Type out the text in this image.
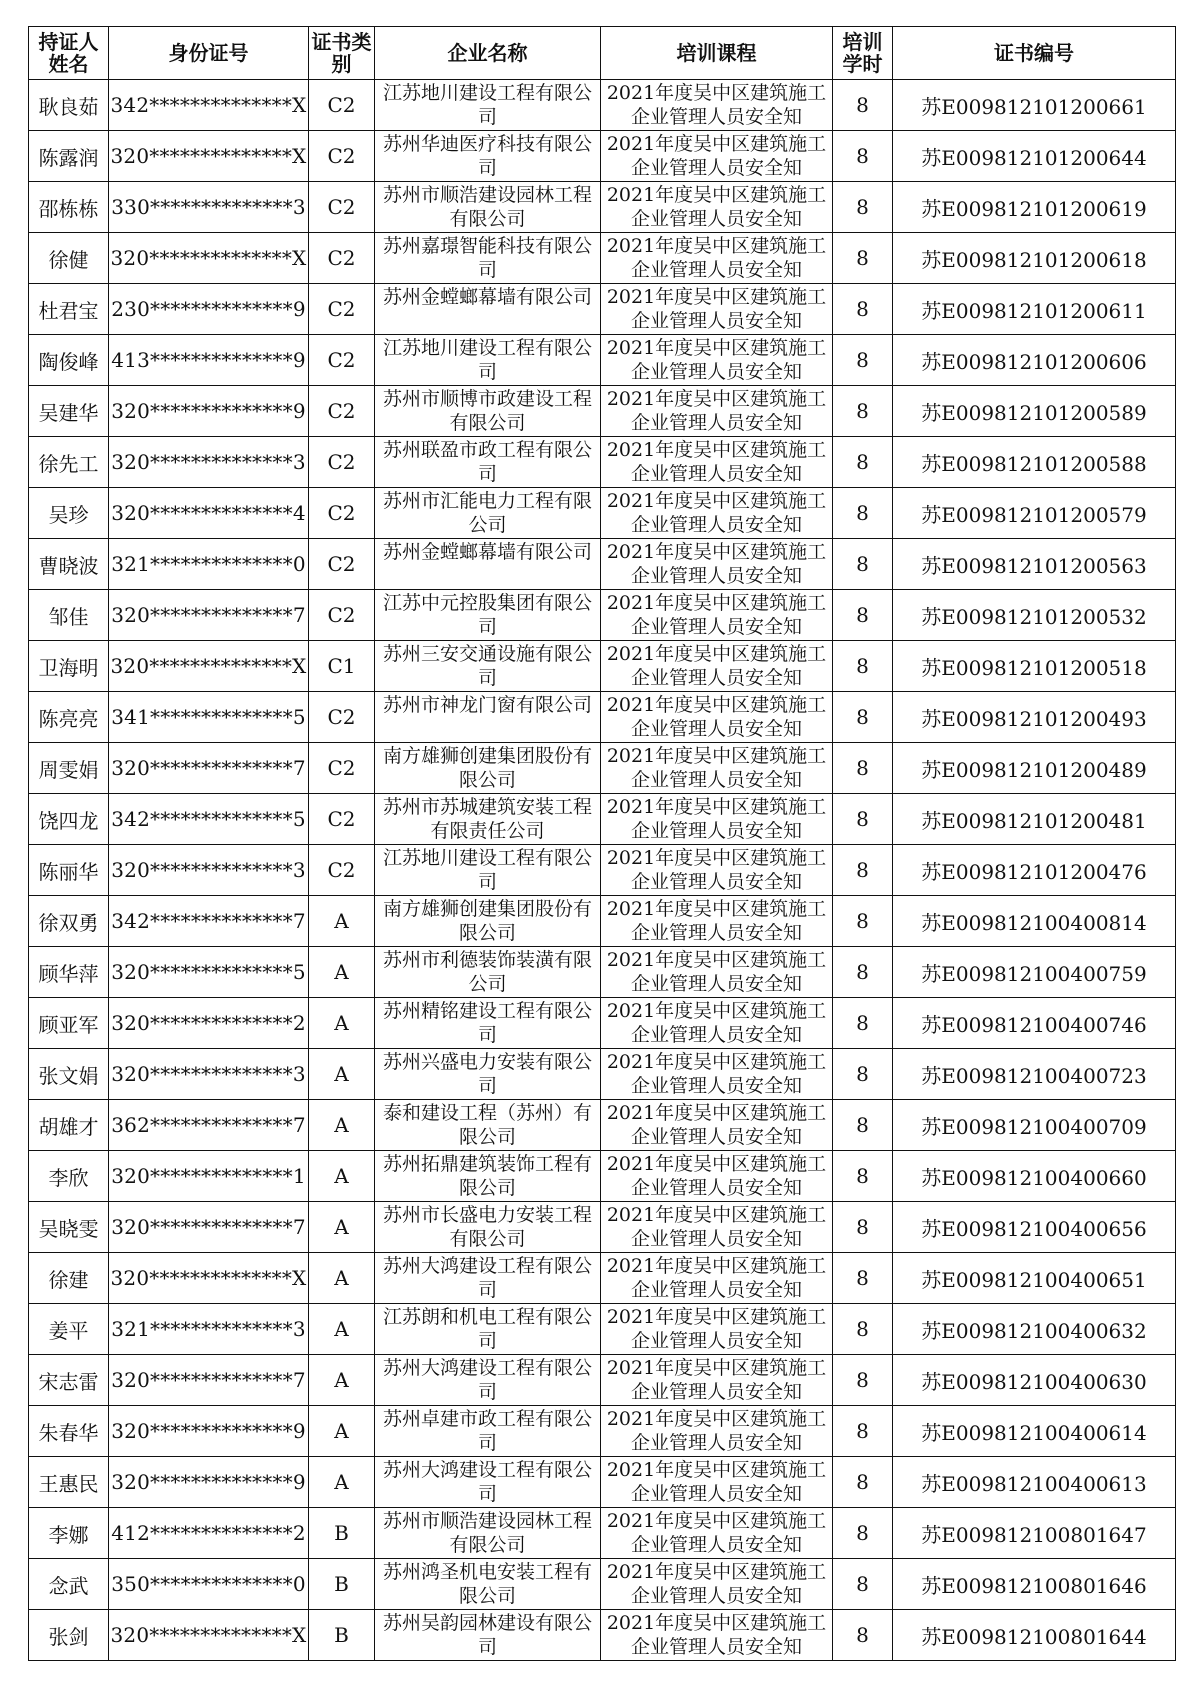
持证人姓名	身份证号	证书类别	企业名称	培训课程	培训学时	证书编号
耿良茹	342**************X	C2	江苏地川建设工程有限公司	2021年度吴中区建筑施工企业管理人员安全知	8	苏E009812101200661
陈露润	320**************X	C2	苏州华迪医疗科技有限公司	2021年度吴中区建筑施工企业管理人员安全知	8	苏E009812101200644
邵栋栋	330**************3	C2	苏州市顺浩建设园林工程有限公司	2021年度吴中区建筑施工企业管理人员安全知	8	苏E009812101200619
徐健	320**************X	C2	苏州嘉璟智能科技有限公司	2021年度吴中区建筑施工企业管理人员安全知	8	苏E009812101200618
杜君宝	230**************9	C2	苏州金螳螂幕墙有限公司	2021年度吴中区建筑施工企业管理人员安全知	8	苏E009812101200611
陶俊峰	413**************9	C2	江苏地川建设工程有限公司	2021年度吴中区建筑施工企业管理人员安全知	8	苏E009812101200606
吴建华	320**************9	C2	苏州市顺博市政建设工程有限公司	2021年度吴中区建筑施工企业管理人员安全知	8	苏E009812101200589
徐先工	320**************3	C2	苏州联盈市政工程有限公司	2021年度吴中区建筑施工企业管理人员安全知	8	苏E009812101200588
吴珍	320**************4	C2	苏州市汇能电力工程有限公司	2021年度吴中区建筑施工企业管理人员安全知	8	苏E009812101200579
曹晓波	321**************0	C2	苏州金螳螂幕墙有限公司	2021年度吴中区建筑施工企业管理人员安全知	8	苏E009812101200563
邹佳	320**************7	C2	江苏中元控股集团有限公司	2021年度吴中区建筑施工企业管理人员安全知	8	苏E009812101200532
卫海明	320**************X	C1	苏州三安交通设施有限公司	2021年度吴中区建筑施工企业管理人员安全知	8	苏E009812101200518
陈亮亮	341**************5	C2	苏州市神龙门窗有限公司	2021年度吴中区建筑施工企业管理人员安全知	8	苏E009812101200493
周雯娟	320**************7	C2	南方雄狮创建集团股份有限公司	2021年度吴中区建筑施工企业管理人员安全知	8	苏E009812101200489
饶四龙	342**************5	C2	苏州市苏城建筑安装工程有限责任公司	2021年度吴中区建筑施工企业管理人员安全知	8	苏E009812101200481
陈丽华	320**************3	C2	江苏地川建设工程有限公司	2021年度吴中区建筑施工企业管理人员安全知	8	苏E009812101200476
徐双勇	342**************7	A	南方雄狮创建集团股份有限公司	2021年度吴中区建筑施工企业管理人员安全知	8	苏E009812100400814
顾华萍	320**************5	A	苏州市利德装饰装潢有限公司	2021年度吴中区建筑施工企业管理人员安全知	8	苏E009812100400759
顾亚军	320**************2	A	苏州精铭建设工程有限公司	2021年度吴中区建筑施工企业管理人员安全知	8	苏E009812100400746
张文娟	320**************3	A	苏州兴盛电力安装有限公司	2021年度吴中区建筑施工企业管理人员安全知	8	苏E009812100400723
胡雄才	362**************7	A	泰和建设工程（苏州）有限公司	2021年度吴中区建筑施工企业管理人员安全知	8	苏E009812100400709
李欣	320**************1	A	苏州拓鼎建筑装饰工程有限公司	2021年度吴中区建筑施工企业管理人员安全知	8	苏E009812100400660
吴晓雯	320**************7	A	苏州市长盛电力安装工程有限公司	2021年度吴中区建筑施工企业管理人员安全知	8	苏E009812100400656
徐建	320**************X	A	苏州大鸿建设工程有限公司	2021年度吴中区建筑施工企业管理人员安全知	8	苏E009812100400651
姜平	321**************3	A	江苏朗和机电工程有限公司	2021年度吴中区建筑施工企业管理人员安全知	8	苏E009812100400632
宋志雷	320**************7	A	苏州大鸿建设工程有限公司	2021年度吴中区建筑施工企业管理人员安全知	8	苏E009812100400630
朱春华	320**************9	A	苏州卓建市政工程有限公司	2021年度吴中区建筑施工企业管理人员安全知	8	苏E009812100400614
王惠民	320**************9	A	苏州大鸿建设工程有限公司	2021年度吴中区建筑施工企业管理人员安全知	8	苏E009812100400613
李娜	412**************2	B	苏州市顺浩建设园林工程有限公司	2021年度吴中区建筑施工企业管理人员安全知	8	苏E009812100801647
念武	350**************0	B	苏州鸿圣机电安装工程有限公司	2021年度吴中区建筑施工企业管理人员安全知	8	苏E009812100801646
张剑	320**************X	B	苏州吴韵园林建设有限公司	2021年度吴中区建筑施工企业管理人员安全知	8	苏E009812100801644
